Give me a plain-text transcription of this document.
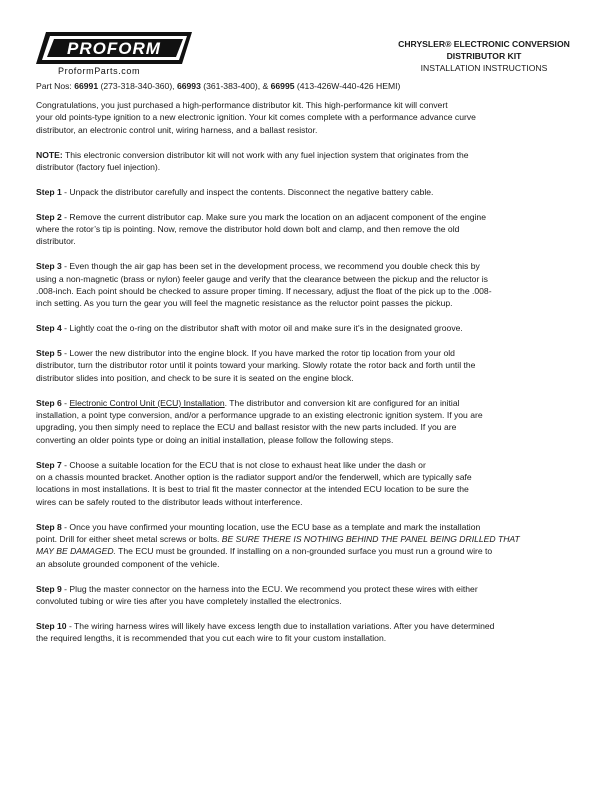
PROFORM
ProformParts.com
CHRYSLER® ELECTRONIC CONVERSION
DISTRIBUTOR KIT
INSTALLATION INSTRUCTIONS
Part Nos: 66991 (273-318-340-360), 66993 (361-383-400), & 66995 (413-426W-440-426 HEMI)

Congratulations, you just purchased a high-performance distributor kit. This high-performance kit will convert
your old points-type ignition to a new electronic ignition. Your kit comes complete with a performance advance curve
distributor, an electronic control unit, wiring harness, and a ballast resistor.

NOTE: This electronic conversion distributor kit will not work with any fuel injection system that originates from the
distributor (factory fuel injection).

Step 1 - Unpack the distributor carefully and inspect the contents. Disconnect the negative battery cable.

Step 2 - Remove the current distributor cap. Make sure you mark the location on an adjacent component of the engine
where the rotor’s tip is pointing. Now, remove the distributor hold down bolt and clamp, and then remove the old
distributor.

Step 3 - Even though the air gap has been set in the development process, we recommend you double check this by
using a non-magnetic (brass or nylon) feeler gauge and verify that the clearance between the pickup and the reluctor is
.008-inch. Each point should be checked to assure proper timing. If necessary, adjust the float of the pick up to the .008-
inch setting. As you turn the gear you will feel the magnetic resistance as the reluctor point passes the pickup.

Step 4 - Lightly coat the o-ring on the distributor shaft with motor oil and make sure it's in the designated groove.

Step 5 - Lower the new distributor into the engine block. If you have marked the rotor tip location from your old
distributor, turn the distributor rotor until it points toward your marking. Slowly rotate the rotor back and forth until the
distributor slides into position, and check to be sure it is seated on the engine block.

Step 6 - Electronic Control Unit (ECU) Installation. The distributor and conversion kit are configured for an initial
installation, a point type conversion, and/or a performance upgrade to an existing electronic ignition system. If you are
upgrading, you then simply need to replace the ECU and ballast resistor with the new parts included. If you are
converting an older points type or doing an initial installation, please follow the following steps.

Step 7 - Choose a suitable location for the ECU that is not close to exhaust heat like under the dash or
on a chassis mounted bracket. Another option is the radiator support and/or the fenderwell, which are typically safe
locations in most installations. It is best to trial fit the master connector at the intended ECU location to be sure the
wires can be safely routed to the distributor leads without interference.

Step 8 - Once you have confirmed your mounting location, use the ECU base as a template and mark the installation
point. Drill for either sheet metal screws or bolts. BE SURE THERE IS NOTHING BEHIND THE PANEL BEING DRILLED THAT
MAY BE DAMAGED. The ECU must be grounded. If installing on a non-grounded surface you must run a ground wire to
an absolute grounded component of the vehicle.

Step 9 - Plug the master connector on the harness into the ECU. We recommend you protect these wires with either
convoluted tubing or wire ties after you have completely installed the electronics.

Step 10 - The wiring harness wires will likely have excess length due to installation variations. After you have determined
the required lengths, it is recommended that you cut each wire to fit your custom installation.
